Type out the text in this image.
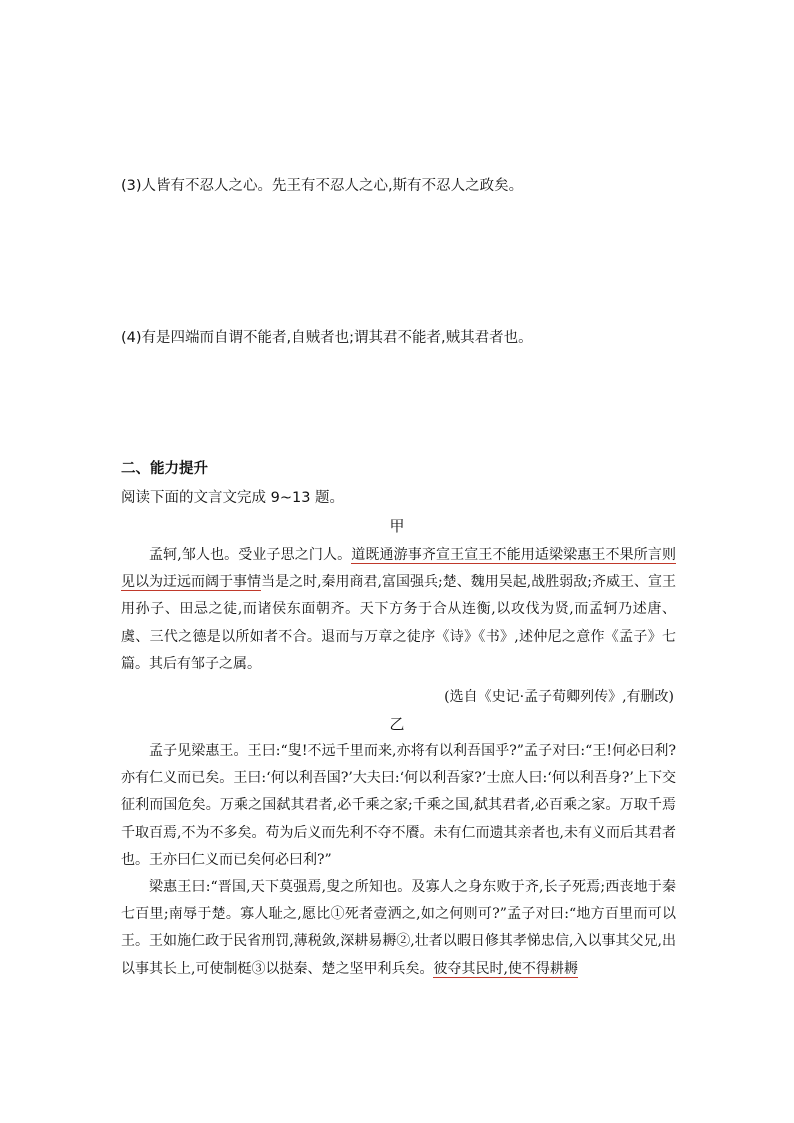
(3)人皆有不忍人之心。先王有不忍人之心,斯有不忍人之政矣。
(4)有是四端而自谓不能者,自贼者也;谓其君不能者,贼其君者也。
二、能力提升
阅读下面的文言文完成 9~13 题。
甲

孟轲,邹人也。受业子思之门人。道既通游事齐宣王宣王不能用适梁梁惠王不果所言则见以为迂远而阔于事情当是之时,秦用商君,富国强兵;楚、魏用吴起,战胜弱敌;齐威王、宣王用孙子、田忌之徒,而诸侯东面朝齐。天下方务于合从连衡,以攻伐为贤,而孟轲乃述唐、虞、三代之德是以所如者不合。退而与万章之徒序《诗》《书》,述仲尼之意作《孟子》七篇。其后有邹子之属。

(选自《史记·孟子荀卿列传》,有删改)
乙

孟子见梁惠王。王曰:“叟!不远千里而来,亦将有以利吾国乎?”孟子对曰:“王!何必曰利?亦有仁义而已矣。王曰:‘何以利吾国?’大夫曰:‘何以利吾家?’士庶人曰:‘何以利吾身?’上下交征利而国危矣。万乘之国弑其君者,必千乘之家;千乘之国,弑其君者,必百乘之家。万取千焉千取百焉,不为不多矣。苟为后义而先利不夺不餍。未有仁而遗其亲者也,未有义而后其君者也。王亦曰仁义而已矣何必曰利?”

梁惠王曰:“晋国,天下莫强焉,叟之所知也。及寡人之身东败于齐,长子死焉;西丧地于秦七百里;南辱于楚。寡人耻之,愿比①死者壹洒之,如之何则可?”孟子对曰:“地方百里而可以王。王如施仁政于民省刑罚,薄税敛,深耕易耨②,壮者以暇日修其孝悌忠信,入以事其父兄,出以事其长上,可使制梃③以挞秦、楚之坚甲利兵矣。彼夺其民时,使不得耕耨
